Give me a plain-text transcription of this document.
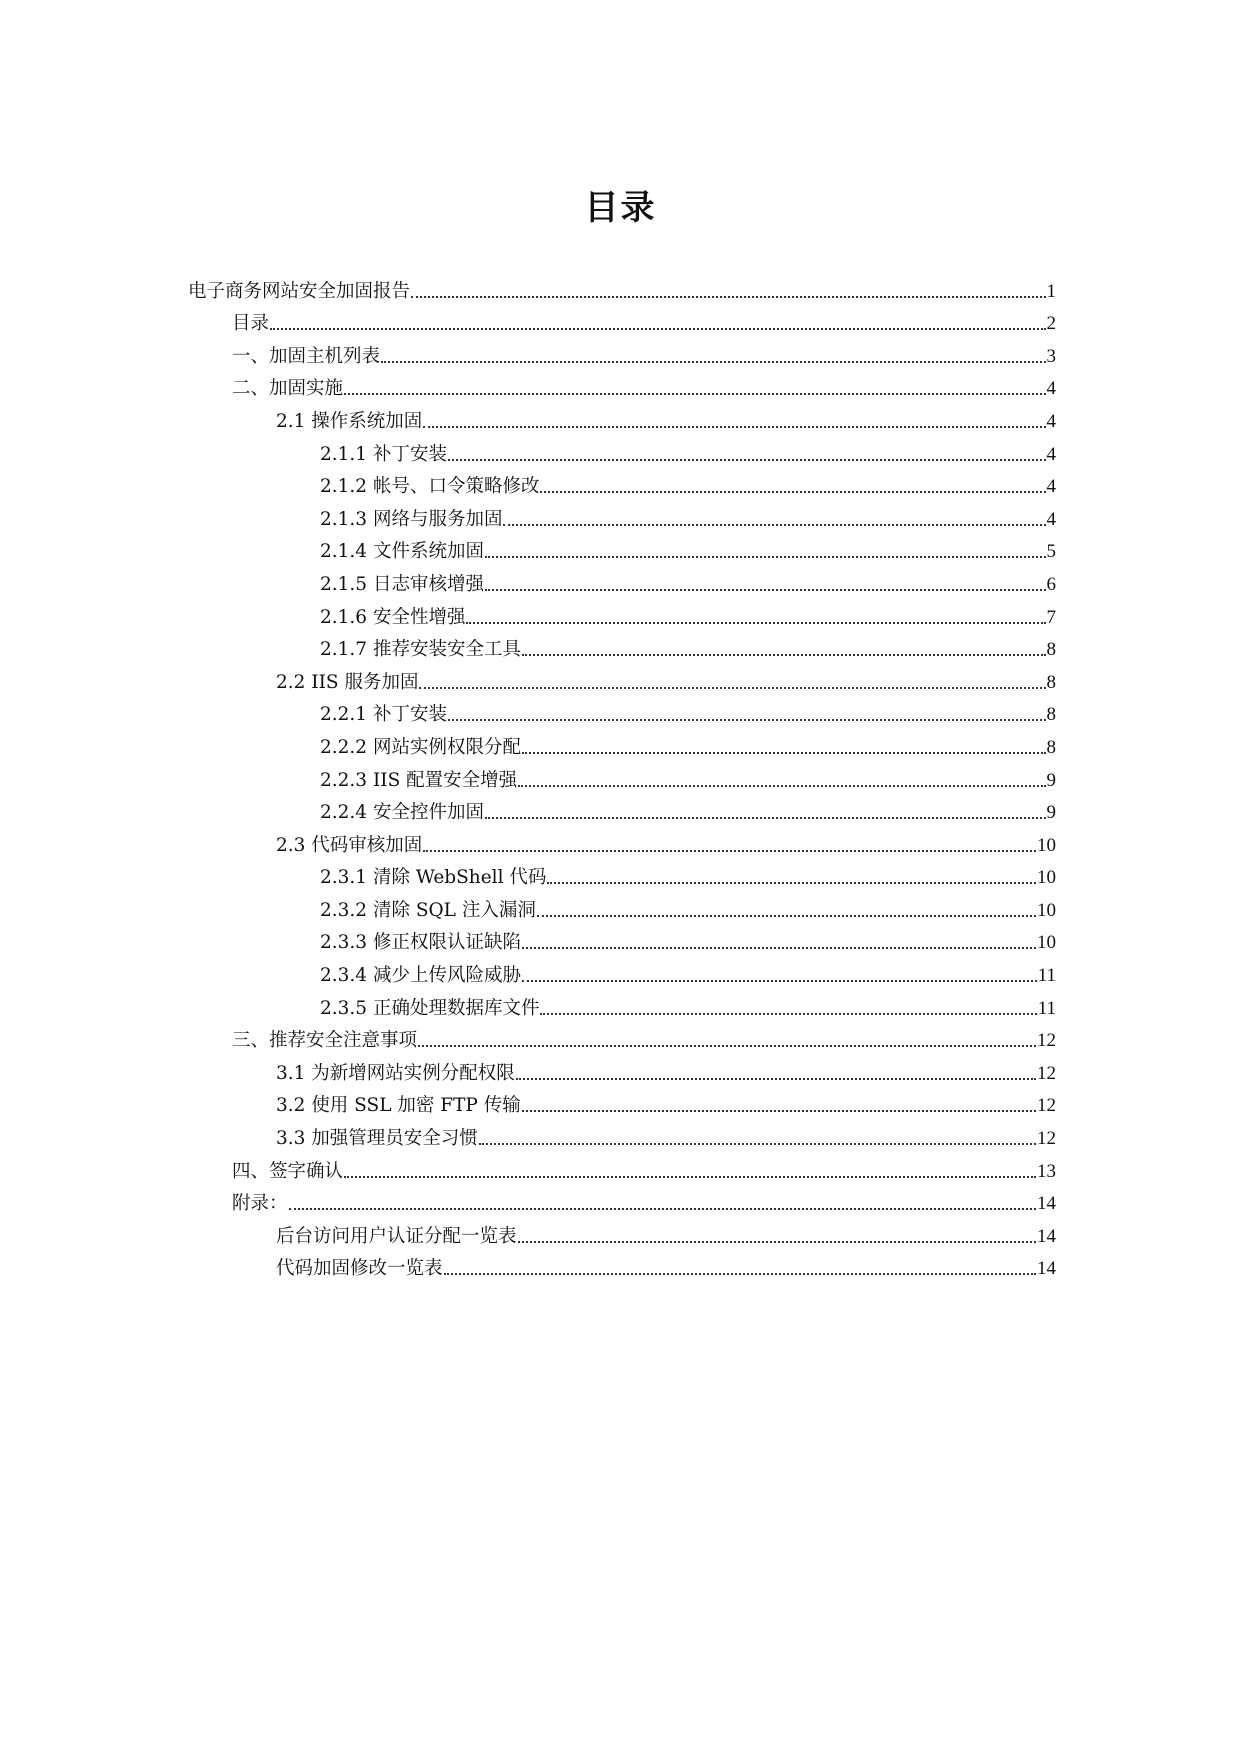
目录
电子商务网站安全加固报告	1
目录	2
一、加固主机列表	3
二、加固实施	4
2.1 操作系统加固	4
2.1.1 补丁安装	4
2.1.2 帐号、口令策略修改	4
2.1.3 网络与服务加固	4
2.1.4 文件系统加固	5
2.1.5 日志审核增强	6
2.1.6 安全性增强	7
2.1.7 推荐安装安全工具	8
2.2 IIS 服务加固	8
2.2.1 补丁安装	8
2.2.2 网站实例权限分配	8
2.2.3 IIS 配置安全增强	9
2.2.4 安全控件加固	9
2.3 代码审核加固	10
2.3.1 清除 WebShell 代码	10
2.3.2 清除 SQL 注入漏洞	10
2.3.3 修正权限认证缺陷	10
2.3.4 减少上传风险威胁	11
2.3.5 正确处理数据库文件	11
三、推荐安全注意事项	12
3.1 为新增网站实例分配权限	12
3.2 使用 SSL 加密 FTP 传输	12
3.3 加强管理员安全习惯	12
四、签字确认	13
附录：	14
后台访问用户认证分配一览表	14
代码加固修改一览表	14
